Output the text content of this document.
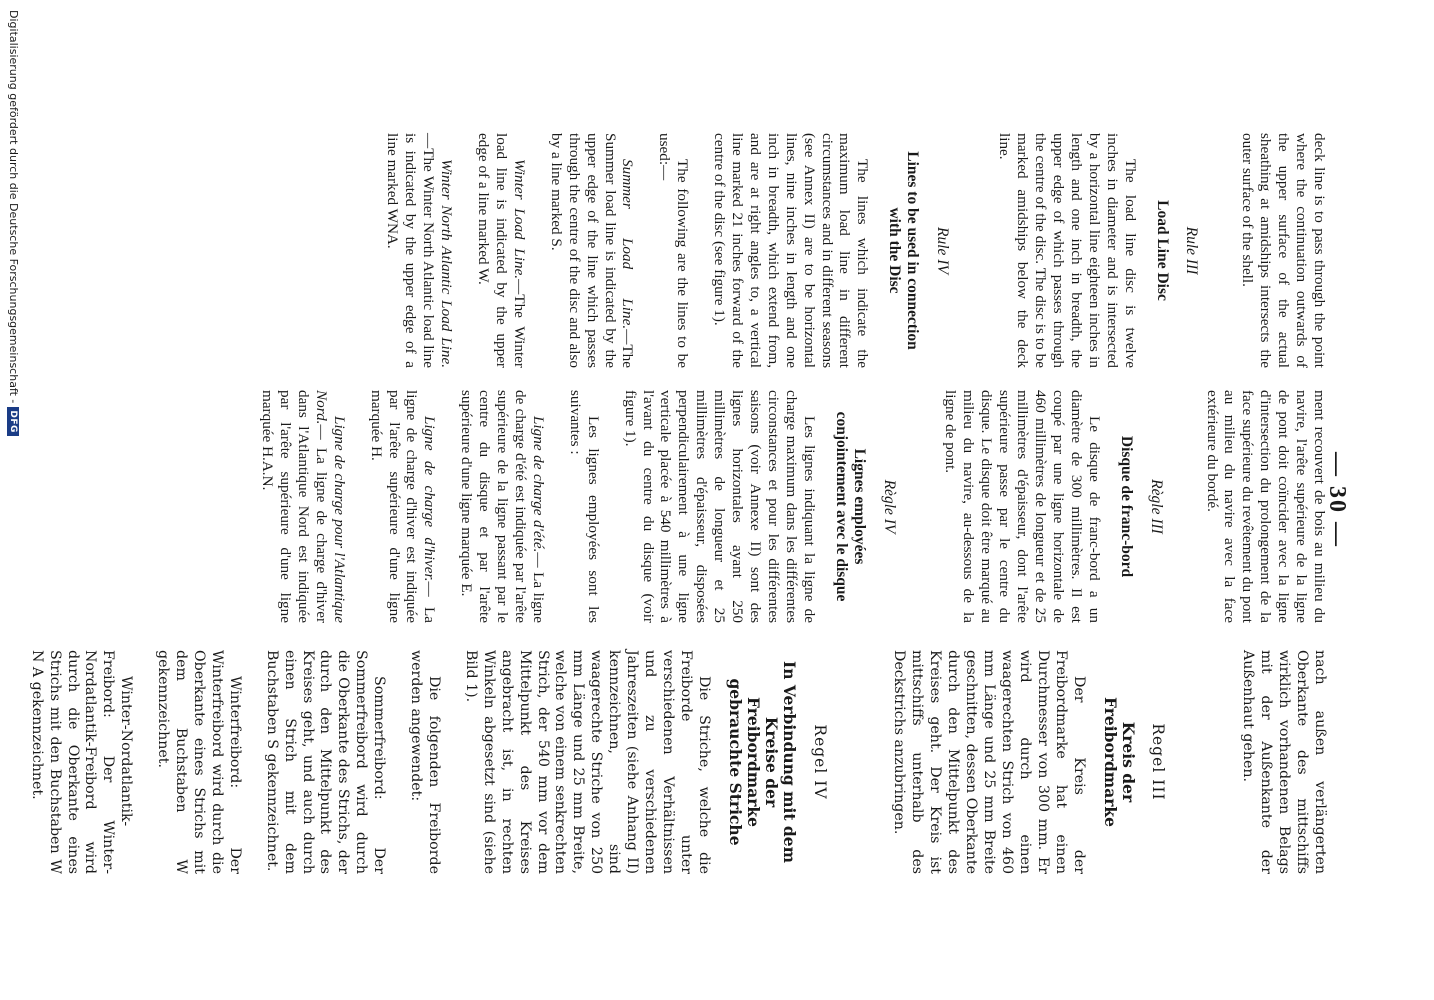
— 30 —

deck line is to pass through the point where the continuation outwards of the upper surface of the actual sheathing at amidships intersects the outer surface of the shell.

Rule III

Load Line Disc

The load line disc is twelve inches in diameter and is intersected by a horizontal line eighteen inches in length and one inch in breadth, the upper edge of which passes through the centre of the disc. The disc is to be marked amidships below the deck line.

Rule IV

Lines to be used in connection with the Disc

The lines which indicate the maximum load line in different circumstances and in different seasons (see Annex II) are to be horizontal lines, nine inches in length and one inch in breadth, which extend from, and are at right angles to, a vertical line marked 21 inches forward of the centre of the disc (see figure 1).

The following are the lines to be used:—

Summer Load Line.—The Summer load line is indicated by the upper edge of the line which passes through the centre of the disc and also by a line marked S.

Winter Load Line.—The Winter load line is indicated by the upper edge of a line marked W.

Winter North Atlantic Load Line.—The Winter North Atlantic load line is indicated by the upper edge of a line marked WNA.

ment recouvert de bois au milieu du navire, l'arête supérieure de la ligne de pont doit coïncider avec la ligne d'intersection du prolongement de la face supérieure du revêtement du pont au milieu du navire avec la face extérieure du bordé.

Règle III

Disque de franc-bord

Le disque de franc-bord a un diamètre de 300 millimètres. Il est coupé par une ligne horizontale de 460 millimètres de longueur et de 25 millimètres d'épaisseur, dont l'arête supérieure passe par le centre du disque. Le disque doit être marqué au milieu du navire, au-dessous de la ligne de pont.

Règle IV

Lignes employées conjointement avec le disque

Les lignes indiquant la ligne de charge maximum dans les différentes circonstances et pour les différentes saisons (voir Annexe II) sont des lignes horizontales ayant 250 millimètres de longueur et 25 millimètres d'épaisseur, disposées perpendiculairement à une ligne verticale placée à 540 millimètres à l'avant du centre du disque (voir figure 1).

Les lignes employées sont les suivantes :

Ligne de charge d'été.— La ligne de charge d'été est indiquée par l'arête supérieure de la ligne passant par le centre du disque et par l'arête supérieure d'une ligne marquée E.

Ligne de charge d'hiver.— La ligne de charge d'hiver est indiquée par l'arête supérieure d'une ligne marquée H.

Ligne de charge pour l'Atlantique Nord.— La ligne de charge d'hiver dans l'Atlantique Nord est indiquée par l'arête supérieure d'une ligne marquée H.A.N.

nach außen verlängerten Oberkante des mittschiffs wirklich vorhandenen Belags mit der Außenkante der Außenhaut gehen.

Regel III

Kreis der Freibordmarke

Der Kreis der Freibordmarke hat einen Durchmesser von 300 mm. Er wird durch einen waagerechten Strich von 460 mm Länge und 25 mm Breite geschnitten, dessen Oberkante durch den Mittelpunkt des Kreises geht. Der Kreis ist mittschiffs unterhalb des Deckstrichs anzubringen.

Regel IV

In Verbindung mit dem Kreise der Freibordmarke gebrauchte Striche

Die Striche, welche die Freiborde unter verschiedenen Verhältnissen und zu verschiedenen Jahreszeiten (siehe Anhang II) kennzeichnen, sind waagerechte Striche von 250 mm Länge und 25 mm Breite, welche von einem senkrechten Strich, der 540 mm vor dem Mittelpunkt des Kreises angebracht ist, in rechten Winkeln abgesetzt sind (siehe Bild 1).

Die folgenden Freiborde werden angewendet:

Sommerfreibord: Der Sommerfreibord wird durch die Oberkante des Strichs, der durch den Mittelpunkt des Kreises geht, und auch durch einen Strich mit dem Buchstaben S gekennzeichnet.

Winterfreibord: Der Winterfreibord wird durch die Oberkante eines Strichs mit dem Buchstaben W gekennzeichnet.

Winter-Nordatlantik-Freibord: Der Winter-Nordatlantik-Freibord wird durch die Oberkante eines Strichs mit den Buchstaben W N A gekennzeichnet.

Digitalisierung gefördert durch die Deutsche Forschungsgemeinschaft -
DFG
